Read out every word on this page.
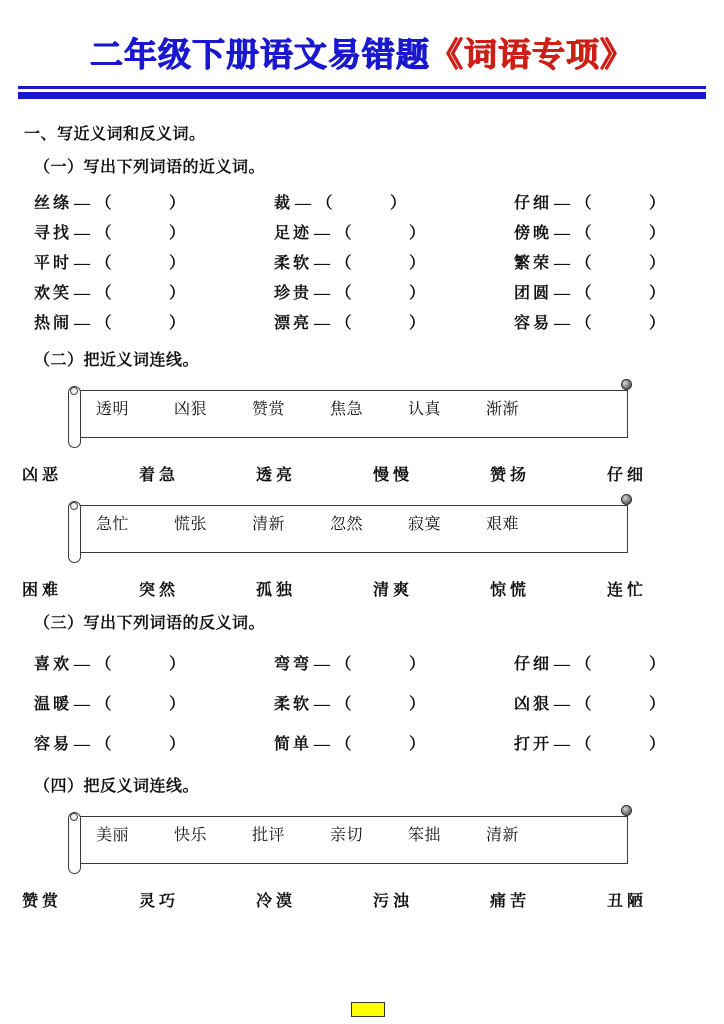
二年级下册语文易错题《词语专项》
一、写近义词和反义词。
（一）写出下列词语的近义词。
丝绦 — （	）	裁 — （	）	仔细 — （	）
寻找 — （	）	足迹 — （	）	傍晚 — （	）
平时 — （	）	柔软 — （	）	繁荣 — （	）
欢笑 — （	）	珍贵 — （	）	团圆 — （	）
热闹 — （	）	漂亮 — （	）	容易 — （	）
（二）把近义词连线。
透明	凶狠	赞赏	焦急	认真	渐渐
凶恶	着急	透亮	慢慢	赞扬	仔细
急忙	慌张	清新	忽然	寂寞	艰难
困难	突然	孤独	清爽	惊慌	连忙
（三）写出下列词语的反义词。
喜欢 — （	）	弯弯 — （	）	仔细 — （	）
温暖 — （	）	柔软 — （	）	凶狠 — （	）
容易 — （	）	简单 — （	）	打开 — （	）
（四）把反义词连线。
美丽	快乐	批评	亲切	笨拙	清新
赞赏	灵巧	冷漠	污浊	痛苦	丑陋
